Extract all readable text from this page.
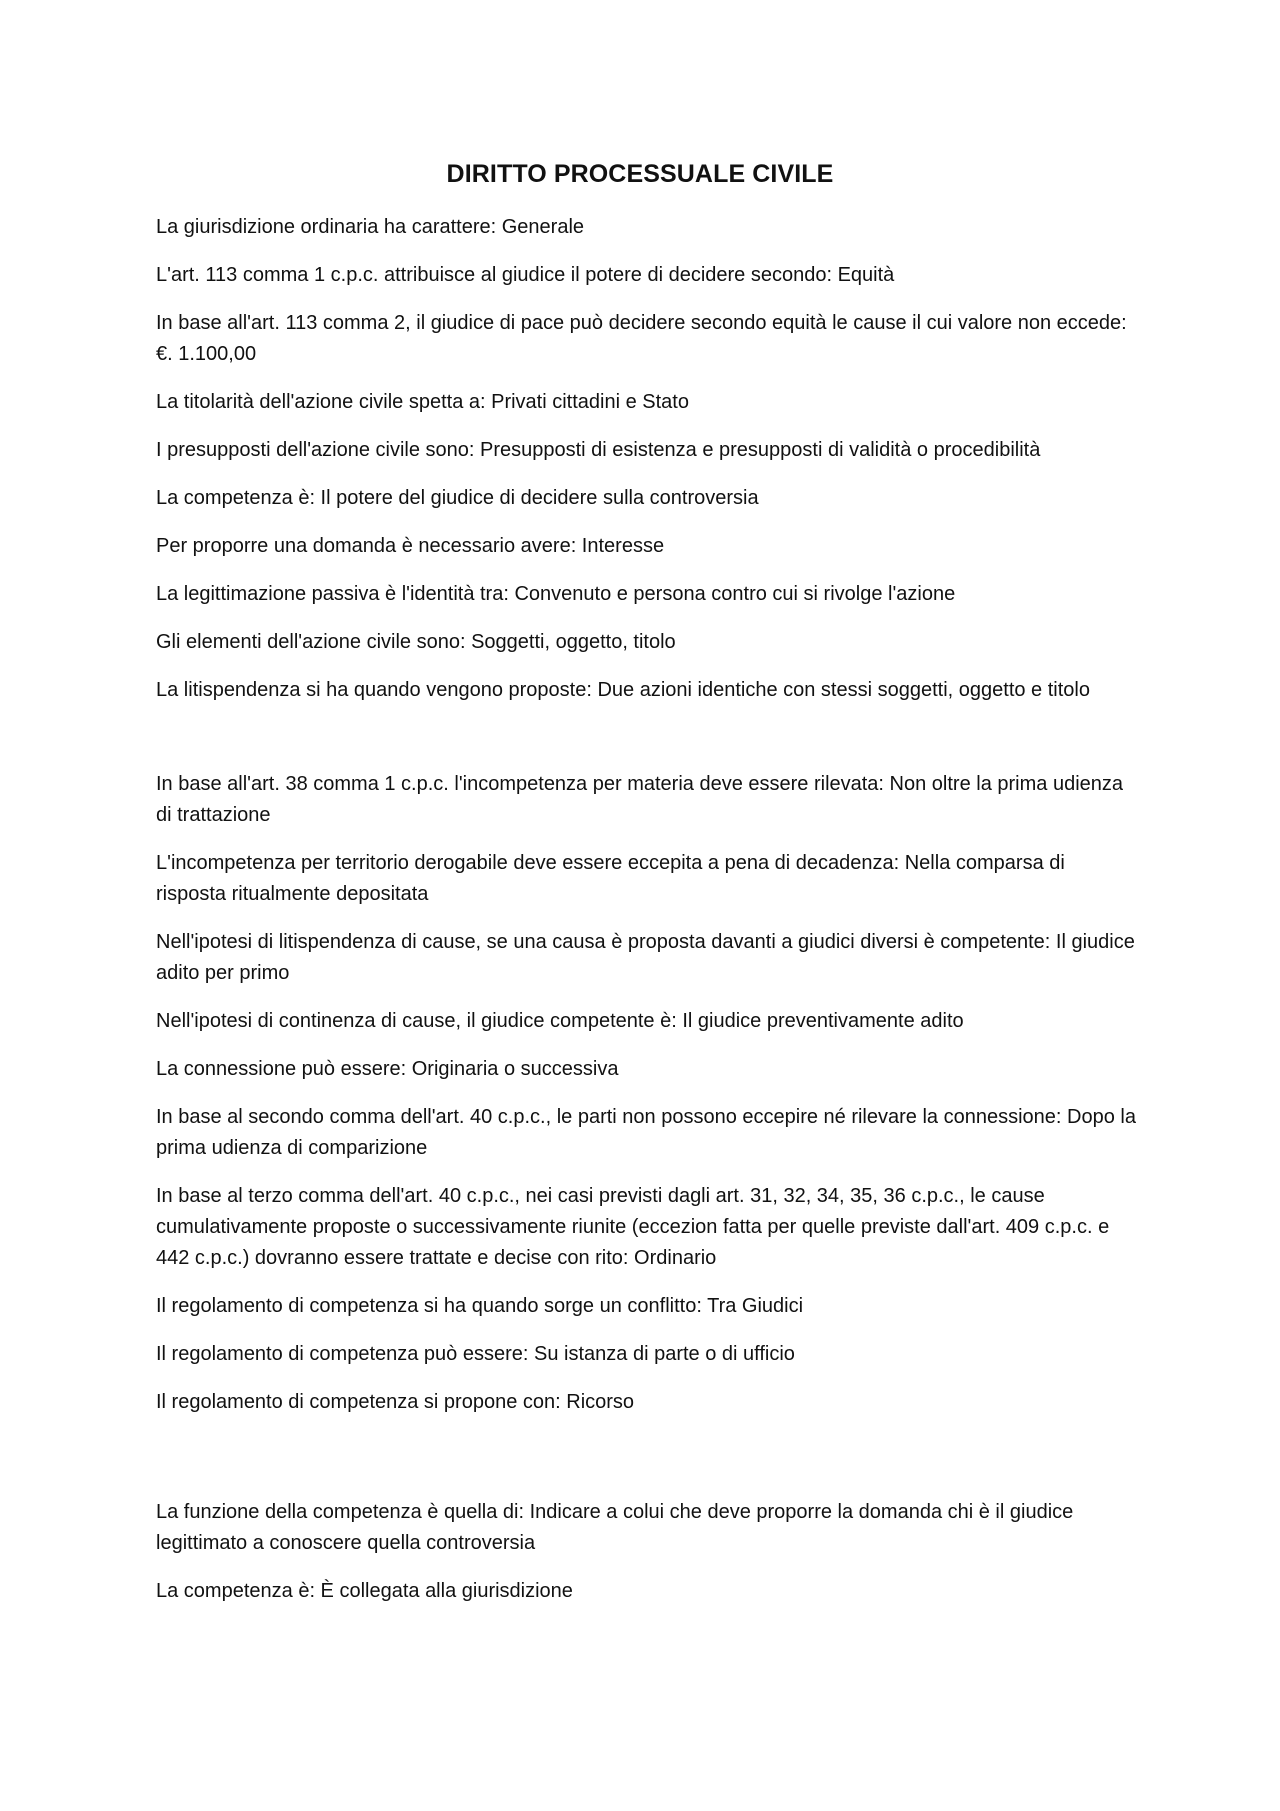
DIRITTO PROCESSUALE CIVILE

La giurisdizione ordinaria ha carattere: Generale

L'art. 113 comma 1 c.p.c. attribuisce al giudice il potere di decidere secondo: Equità

In base all'art. 113 comma 2, il giudice di pace può decidere secondo equità le cause il cui valore non eccede: €. 1.100,00

La titolarità dell'azione civile spetta a: Privati cittadini e Stato

I presupposti dell'azione civile sono: Presupposti di esistenza e presupposti di validità o procedibilità

La competenza è: Il potere del giudice di decidere sulla controversia

Per proporre una domanda è necessario avere: Interesse

La legittimazione passiva è l'identità tra: Convenuto e persona contro cui si rivolge l'azione

Gli elementi dell'azione civile sono: Soggetti, oggetto, titolo

La litispendenza si ha quando vengono proposte: Due azioni identiche con stessi soggetti, oggetto e titolo

In base all'art. 38 comma 1 c.p.c. l'incompetenza per materia deve essere rilevata: Non oltre la prima udienza di trattazione

L'incompetenza per territorio derogabile deve essere eccepita a pena di decadenza: Nella comparsa di risposta ritualmente depositata

Nell'ipotesi di litispendenza di cause, se una causa è proposta davanti a giudici diversi è competente: Il giudice adito per primo

Nell'ipotesi di continenza di cause, il giudice competente è: Il giudice preventivamente adito

La connessione può essere: Originaria o successiva

In base al secondo comma dell'art. 40 c.p.c., le parti non possono eccepire né rilevare la connessione: Dopo la prima udienza di comparizione

In base al terzo comma dell'art. 40 c.p.c., nei casi previsti dagli art. 31, 32, 34, 35, 36 c.p.c., le cause cumulativamente proposte o successivamente riunite (eccezion fatta per quelle previste dall'art. 409 c.p.c. e 442 c.p.c.) dovranno essere trattate e decise con rito: Ordinario

Il regolamento di competenza si ha quando sorge un conflitto: Tra Giudici

Il regolamento di competenza può essere: Su istanza di parte o di ufficio

Il regolamento di competenza si propone con: Ricorso

La funzione della competenza è quella di: Indicare a colui che deve proporre la domanda chi è il giudice legittimato a conoscere quella controversia

La competenza è: È collegata alla giurisdizione
